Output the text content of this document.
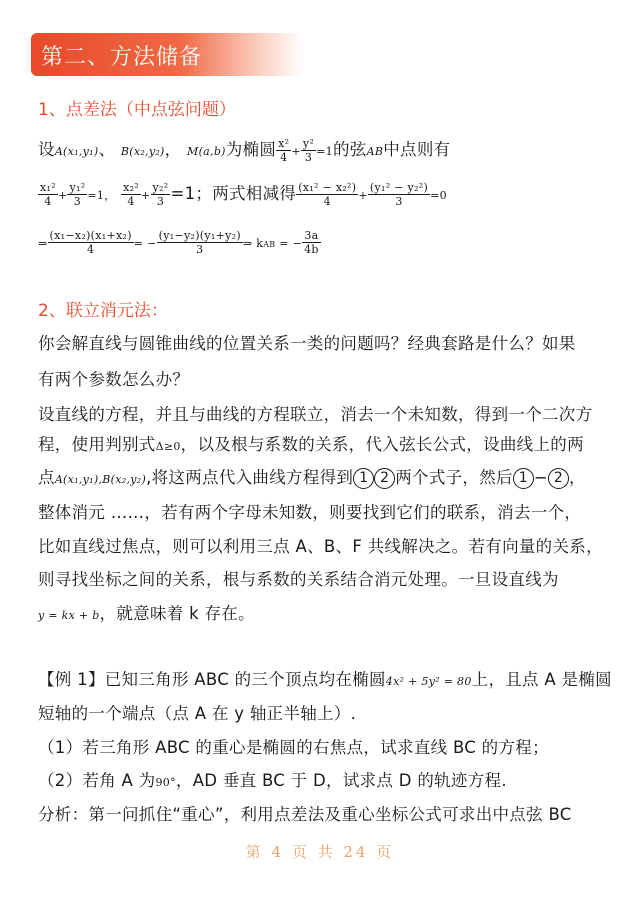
第二、方法储备
1、点差法（中点弦问题）
设A(x₁,y₁)、 B(x₂,y₂)， M(a,b)为椭圆 $\frac{\text{x²}}{4} + \frac{\text{y²}}{3} =1$的弦AB中点则有
$\frac{\text{x₁²}}{4} + \frac{\text{y₁²}}{3} =1$， $\frac{\text{x₂²}}{4} + \frac{\text{y₂²}}{3} =1$；两式相减得 $\frac{\text{(x₁² − x₂²)}}{4} + \frac{\text{(y₁² − y₂²)}}{3} =0$
⇒ $\frac{\text{(x₁−x₂)(x₁+x₂)}}{4}$ = − $\frac{\text{(y₁−y₂)(y₁+y₂)}}{3}$ ⇒ kAB = − $\frac{3a}{4b}$
2、联立消元法：
你会解直线与圆锥曲线的位置关系一类的问题吗？经典套路是什么？如果
有两个参数怎么办？
设直线的方程，并且与曲线的方程联立，消去一个未知数，得到一个二次方
程，使用判别式Δ≥0，以及根与系数的关系，代入弦长公式，设曲线上的两
点A(x₁,y₁),B(x₂,y₂),将这两点代入曲线方程得到 1 2 两个式子，然后 1 − 2 ，
整体消元 ……，若有两个字母未知数，则要找到它们的联系，消去一个，
比如直线过焦点，则可以利用三点 A、B、F 共线解决之。若有向量的关系，
则寻找坐标之间的关系，根与系数的关系结合消元处理。一旦设直线为
y = kx + b，就意味着 k 存在。
【例 1】已知三角形 ABC 的三个顶点均在椭圆4x² + 5y² = 80上，且点 A 是椭圆
短轴的一个端点（点 A 在 y 轴正半轴上）.
（1）若三角形 ABC 的重心是椭圆的右焦点，试求直线 BC 的方程；
（2）若角 A 为90°，AD 垂直 BC 于 D，试求点 D 的轨迹方程.
分析：第一问抓住“重心”，利用点差法及重心坐标公式可求出中点弦 BC
第 4 页 共 24 页
